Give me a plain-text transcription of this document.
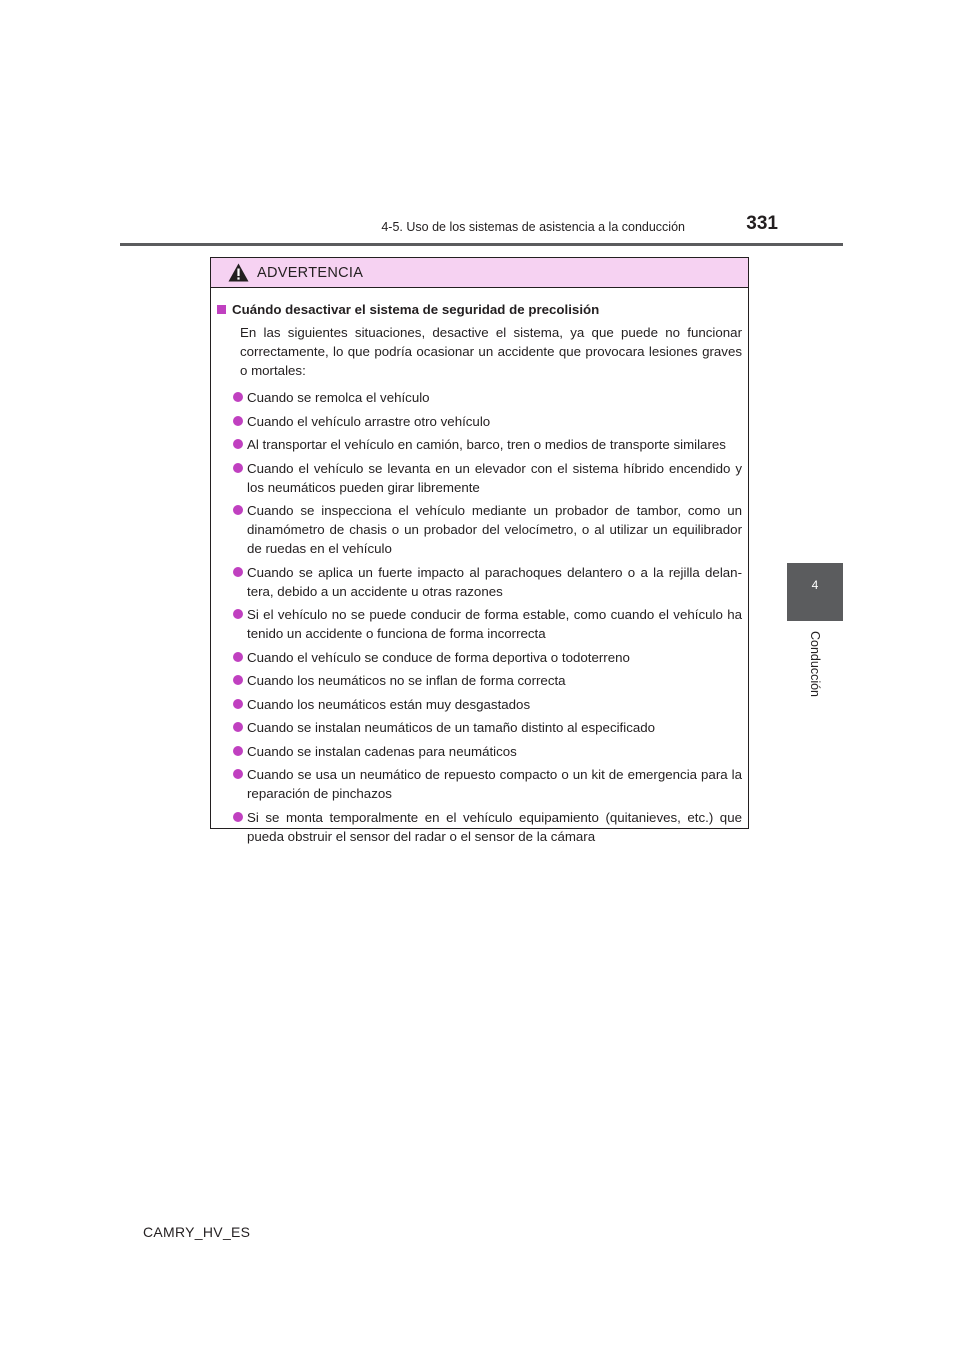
4-5. Uso de los sistemas de asistencia a la conducción	331
4
Conducción
ADVERTENCIA
Cuándo desactivar el sistema de seguridad de precolisión

En las siguientes situaciones, desactive el sistema, ya que puede no funcionar correctamente, lo que podría ocasionar un accidente que provocara lesiones graves o mortales:

Cuando se remolca el vehículo
Cuando el vehículo arrastre otro vehículo
Al transportar el vehículo en camión, barco, tren o medios de transporte similares
Cuando el vehículo se levanta en un elevador con el sistema híbrido encendido y los neumáticos pueden girar libremente
Cuando se inspecciona el vehículo mediante un probador de tambor, como un dinamómetro de chasis o un probador del velocímetro, o al utilizar un equilibrador de ruedas en el vehículo
Cuando se aplica un fuerte impacto al parachoques delantero o a la rejilla delan-tera, debido a un accidente u otras razones
Si el vehículo no se puede conducir de forma estable, como cuando el vehículo ha tenido un accidente o funciona de forma incorrecta
Cuando el vehículo se conduce de forma deportiva o todoterreno
Cuando los neumáticos no se inflan de forma correcta
Cuando los neumáticos están muy desgastados
Cuando se instalan neumáticos de un tamaño distinto al especificado
Cuando se instalan cadenas para neumáticos
Cuando se usa un neumático de repuesto compacto o un kit de emergencia para la reparación de pinchazos
Si se monta temporalmente en el vehículo equipamiento (quitanieves, etc.) que pueda obstruir el sensor del radar o el sensor de la cámara
CAMRY_HV_ES
